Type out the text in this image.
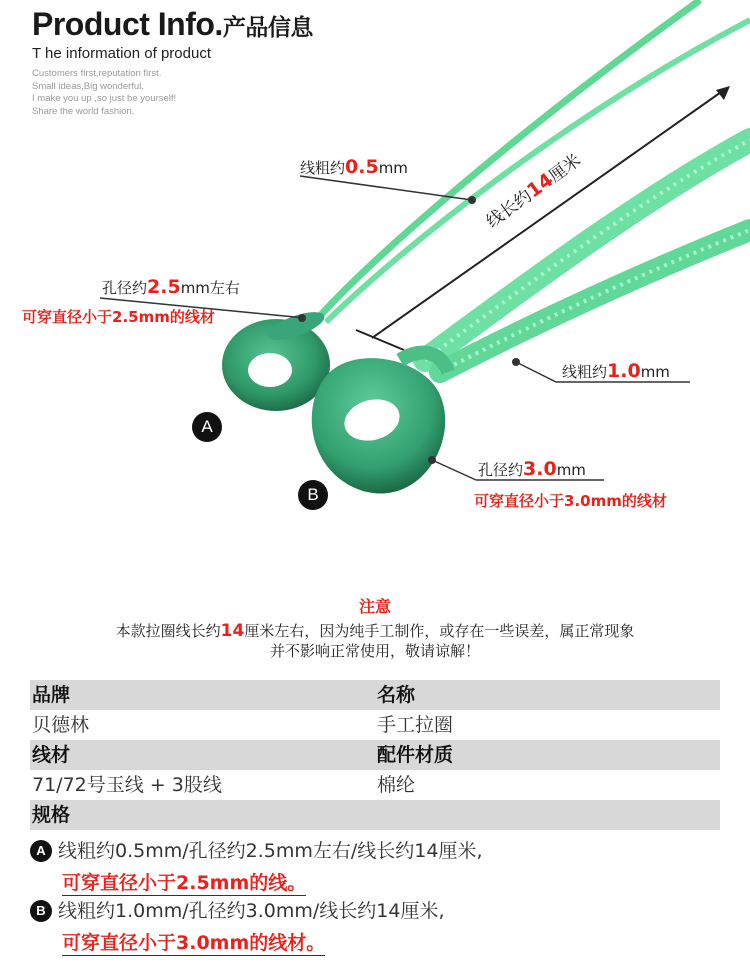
Product Info.产品信息
T he information of product
Customers first,reputation first.
Small ideas,Big wonderful.
I make you up ,so just be yourself!
Share the world fashion.
线粗约0.5mm
线长约14厘米
孔径约2.5mm左右
可穿直径小于2.5mm的线材
线粗约1.0mm
孔径约3.0mm
可穿直径小于3.0mm的线材
A
B
注意
本款拉圈线长约14厘米左右，因为纯手工制作，或存在一些误差，属正常现象
并不影响正常使用，敬请谅解！
品牌	名称
贝德林	手工拉圈
线材	配件材质
71/72号玉线 + 3股线	棉纶
规格
A 线粗约0.5mm/孔径约2.5mm左右/线长约14厘米,
可穿直径小于2.5mm的线。
B 线粗约1.0mm/孔径约3.0mm/线长约14厘米,
可穿直径小于3.0mm的线材。
